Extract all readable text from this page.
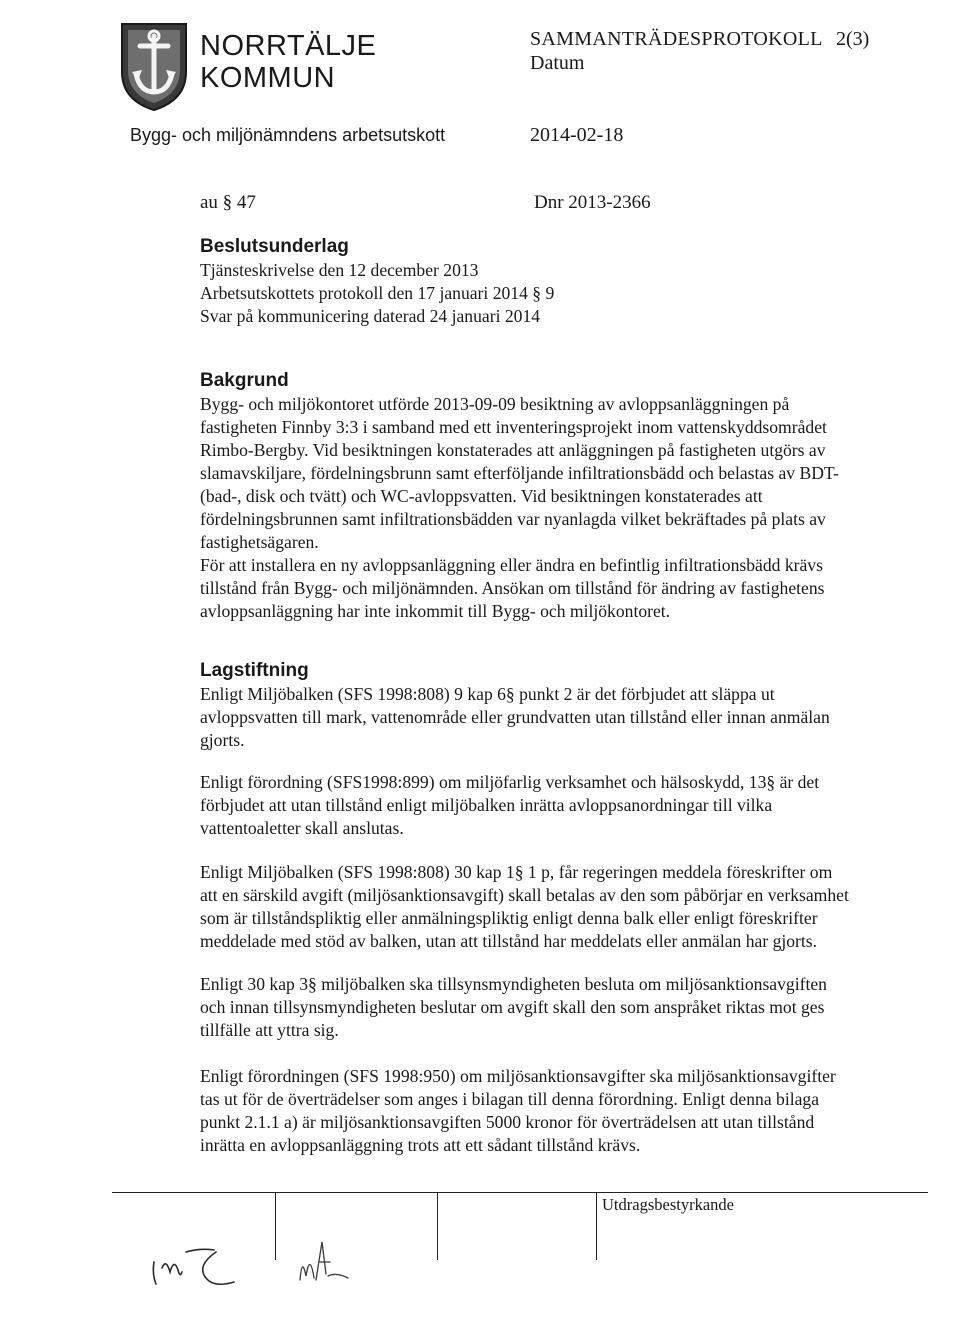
NORRTÄLJE
KOMMUN
SAMMANTRÄDESPROTOKOLL 2(3)
Datum
Bygg- och miljönämndens arbetsutskott	2014-02-18
au § 47	Dnr 2013-2366
Beslutsunderlag
Tjänsteskrivelse den 12 december 2013
Arbetsutskottets protokoll den 17 januari 2014 § 9
Svar på kommunicering daterad 24 januari 2014
Bakgrund
Bygg- och miljökontoret utförde 2013-09-09 besiktning av avloppsanläggningen på
fastigheten Finnby 3:3 i samband med ett inventeringsprojekt inom vattenskyddsområdet
Rimbo-Bergby. Vid besiktningen konstaterades att anläggningen på fastigheten utgörs av
slamavskiljare, fördelningsbrunn samt efterföljande infiltrationsbädd och belastas av BDT-
(bad-, disk och tvätt) och WC-avloppsvatten. Vid besiktningen konstaterades att
fördelningsbrunnen samt infiltrationsbädden var nyanlagda vilket bekräftades på plats av
fastighetsägaren.
För att installera en ny avloppsanläggning eller ändra en befintlig infiltrationsbädd krävs
tillstånd från Bygg- och miljönämnden. Ansökan om tillstånd för ändring av fastighetens
avloppsanläggning har inte inkommit till Bygg- och miljökontoret.
Lagstiftning
Enligt Miljöbalken (SFS 1998:808) 9 kap 6§ punkt 2 är det förbjudet att släppa ut
avloppsvatten till mark, vattenområde eller grundvatten utan tillstånd eller innan anmälan
gjorts.
Enligt förordning (SFS1998:899) om miljöfarlig verksamhet och hälsoskydd, 13§ är det
förbjudet att utan tillstånd enligt miljöbalken inrätta avloppsanordningar till vilka
vattentoaletter skall anslutas.
Enligt Miljöbalken (SFS 1998:808) 30 kap 1§ 1 p, får regeringen meddela föreskrifter om
att en särskild avgift (miljösanktionsavgift) skall betalas av den som påbörjar en verksamhet
som är tillståndspliktig eller anmälningspliktig enligt denna balk eller enligt föreskrifter
meddelade med stöd av balken, utan att tillstånd har meddelats eller anmälan har gjorts.
Enligt 30 kap 3§ miljöbalken ska tillsynsmyndigheten besluta om miljösanktionsavgiften
och innan tillsynsmyndigheten beslutar om avgift skall den som anspråket riktas mot ges
tillfälle att yttra sig.
Enligt förordningen (SFS 1998:950) om miljösanktionsavgifter ska miljösanktionsavgifter
tas ut för de överträdelser som anges i bilagan till denna förordning. Enligt denna bilaga
punkt 2.1.1 a) är miljösanktionsavgiften 5000 kronor för överträdelsen att utan tillstånd
inrätta en avloppsanläggning trots att ett sådant tillstånd krävs.
Utdragsbestyrkande
